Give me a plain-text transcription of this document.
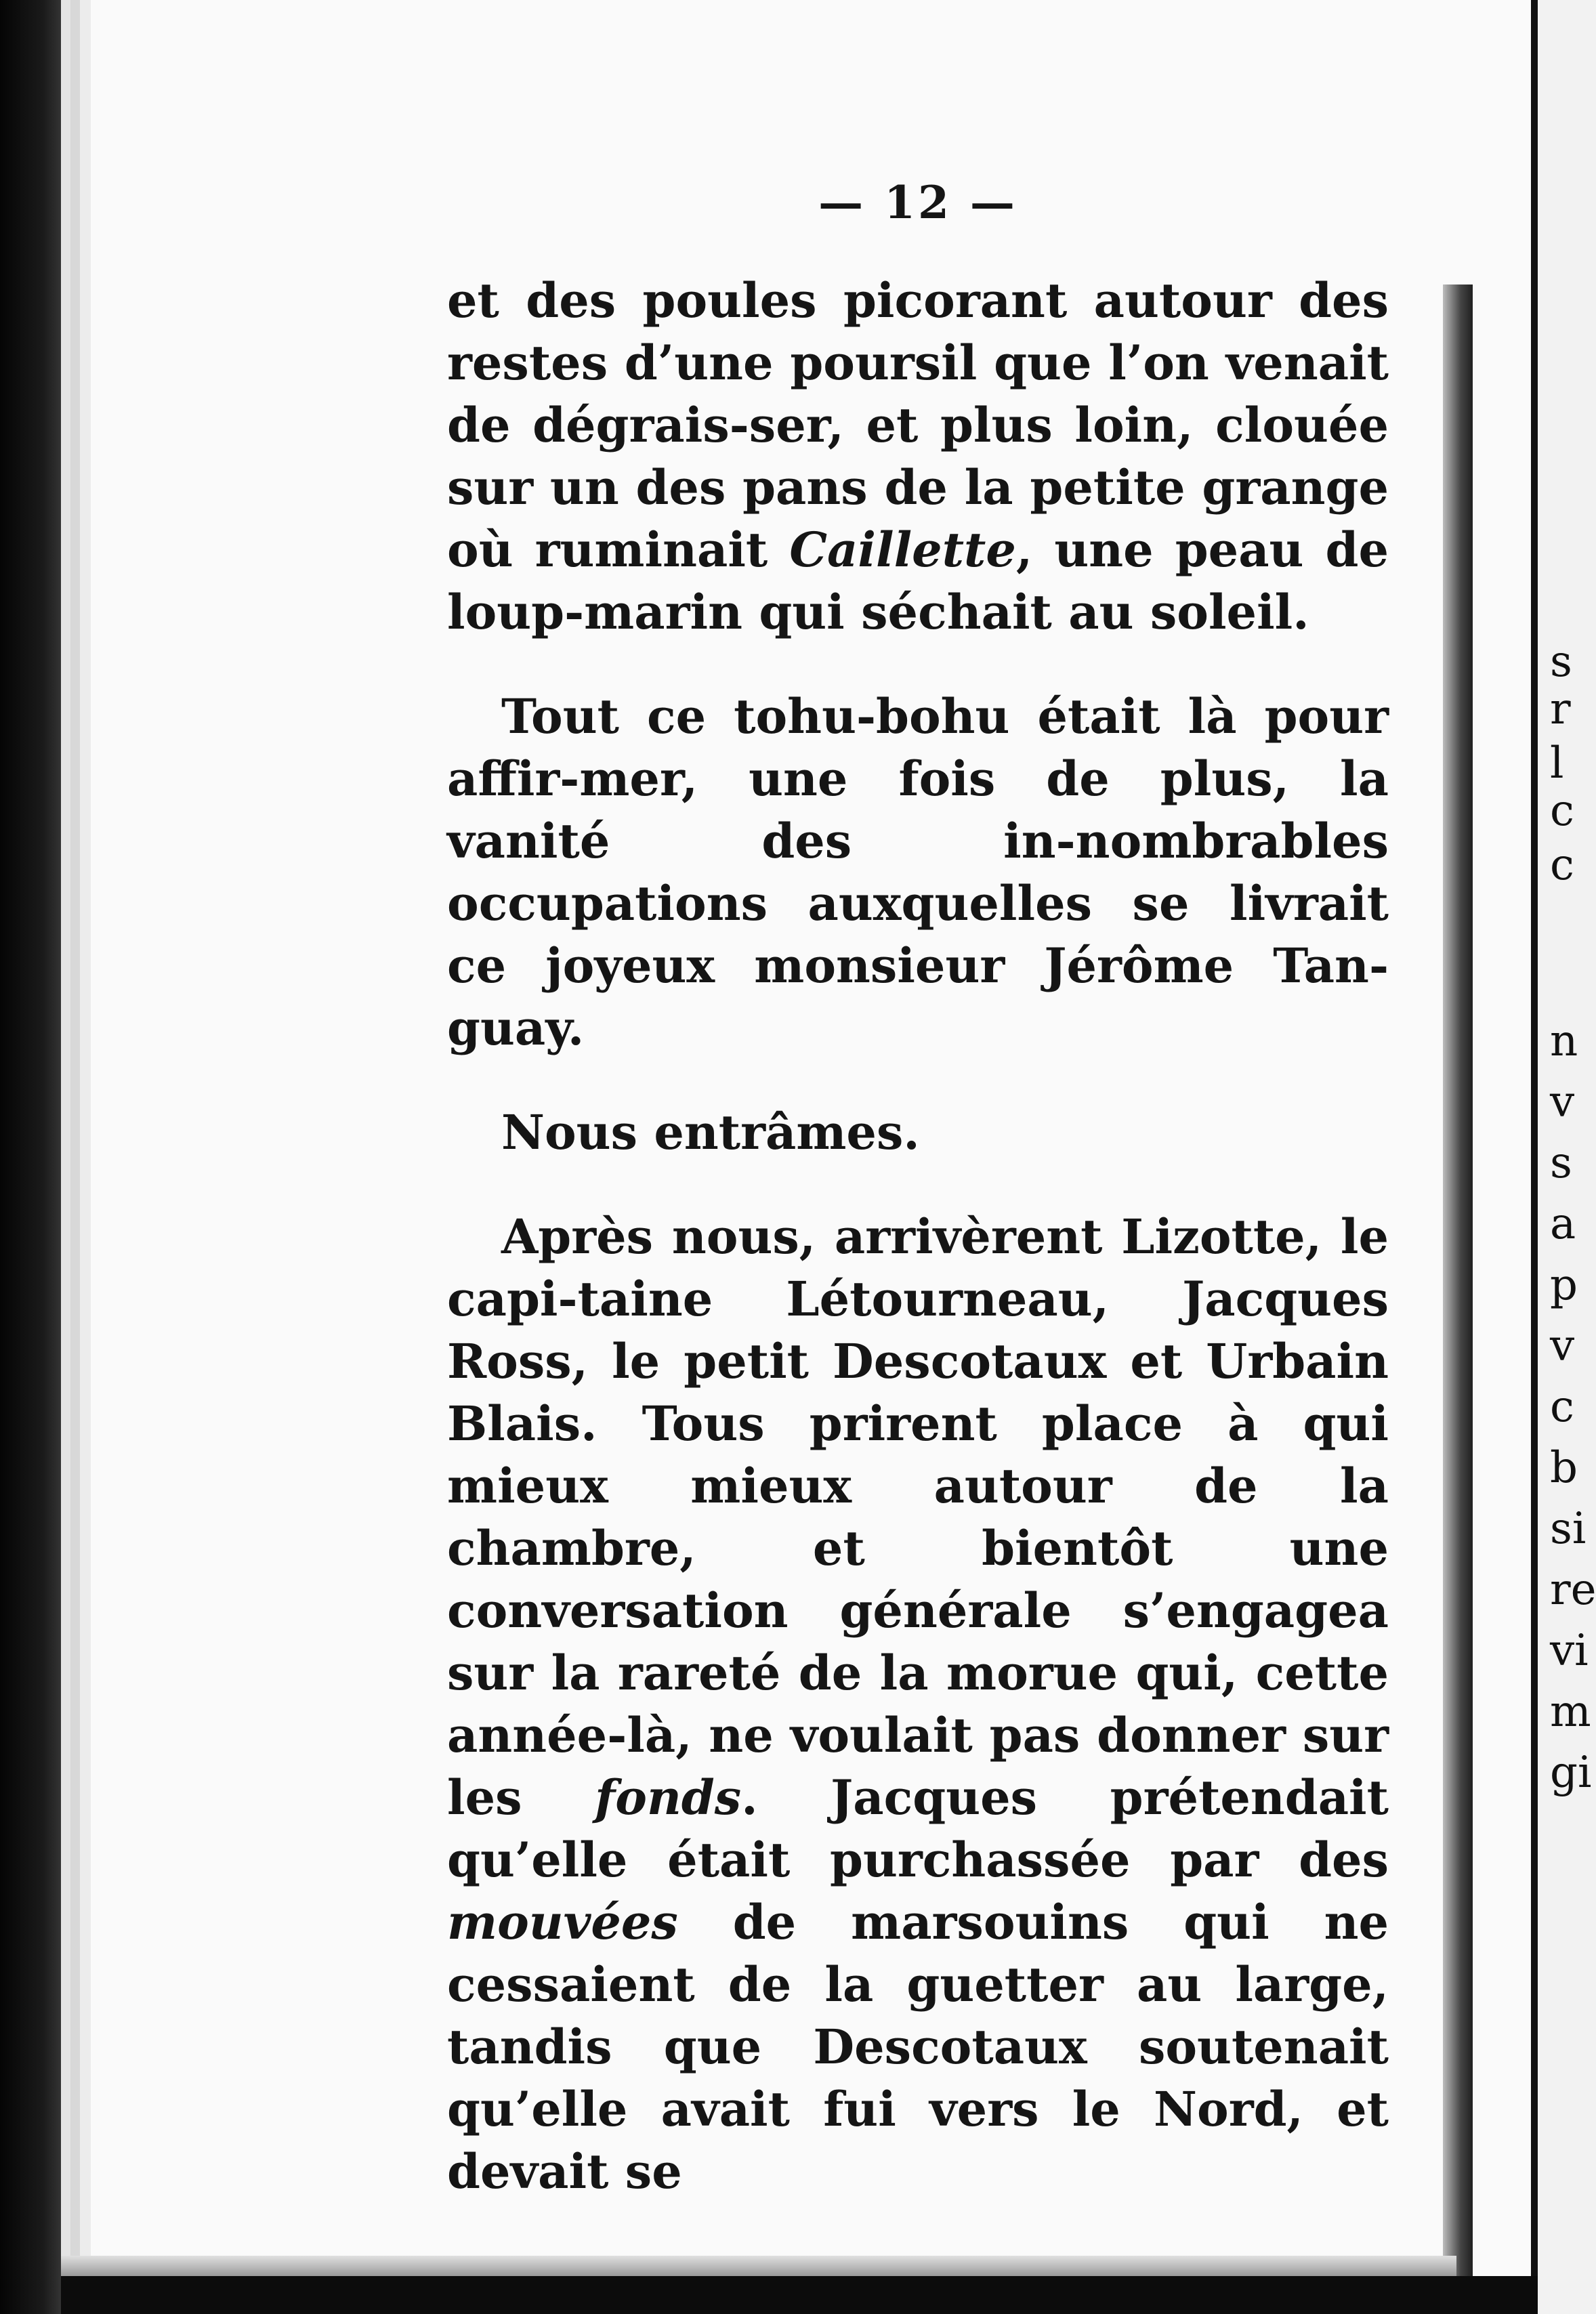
s
r
l
c
c
n
v
s
a
p
v
c
b
si
re
vi
m
gi
— 12 —

et des poules picorant autour des restes d’une poursil que l’on venait de dégrais-ser, et plus loin, clouée sur un des pans de la petite grange où ruminait Caillette, une peau de loup-marin qui séchait au soleil.

Tout ce tohu-bohu était là pour affir-mer, une fois de plus, la vanité des in-nombrables occupations auxquelles se livrait ce joyeux monsieur Jérôme Tan-guay.

Nous entrâmes.

Après nous, arrivèrent Lizotte, le capi-taine Létourneau, Jacques Ross, le petit Descotaux et Urbain Blais. Tous prirent place à qui mieux mieux autour de la chambre, et bientôt une conversation générale s’engagea sur la rareté de la morue qui, cette année-là, ne voulait pas donner sur les fonds. Jacques prétendait qu’elle était purchassée par des mouvées de marsouins qui ne cessaient de la guetter au large, tandis que Descotaux soutenait qu’elle avait fui vers le Nord, et devait se
